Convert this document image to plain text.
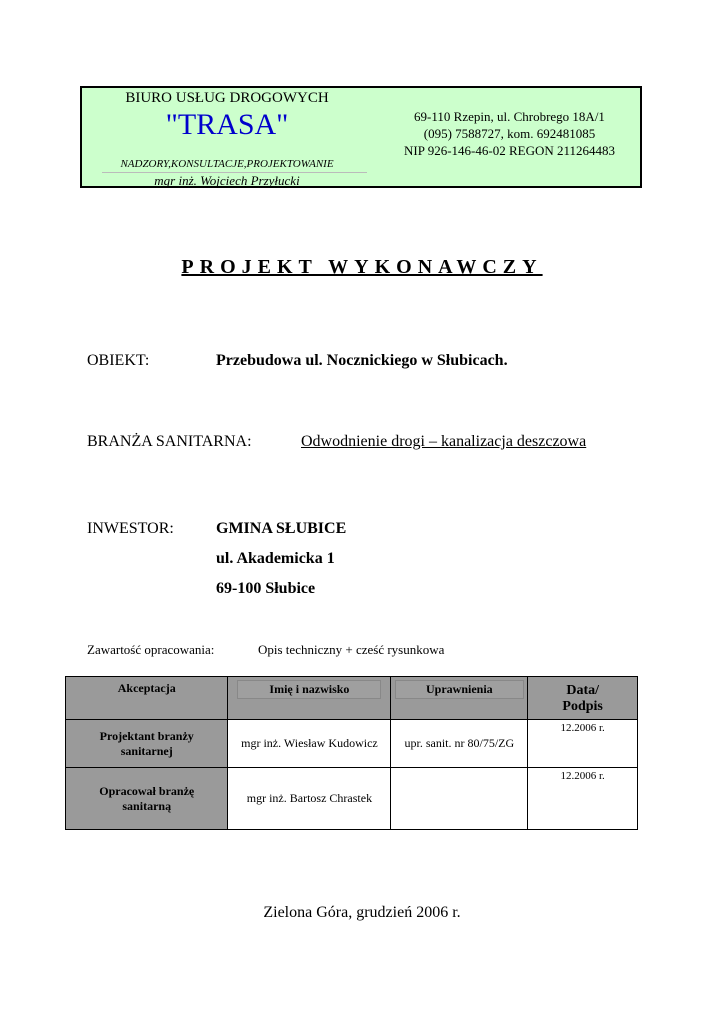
BIURO USŁUG DROGOWYCH
"TRASA"
NADZORY,KONSULTACJE,PROJEKTOWANIE
mgr inż. Wojciech Przyłucki
69-110 Rzepin, ul. Chrobrego 18A/1
(095) 7588727, kom. 692481085
NIP 926-146-46-02 REGON 211264483
PROJEKT WYKONAWCZY
OBIEKT:	Przebudowa ul. Nocznickiego w Słubicach.
BRANŻA SANITARNA:	Odwodnienie drogi – kanalizacja deszczowa
INWESTOR:	GMINA SŁUBICE
ul. Akademicka 1
69-100 Słubice
Zawartość opracowania:	Opis techniczny + cześć rysunkowa
Akceptacja	Imię i nazwisko	Uprawnienia	Data/
Podpis

Projektant branży
sanitarnej	mgr inż. Wiesław Kudowicz	upr. sanit. nr 80/75/ZG	12.2006 r.

Opracował branżę
sanitarną	mgr inż. Bartosz Chrastek		12.2006 r.
Zielona Góra, grudzień 2006 r.
